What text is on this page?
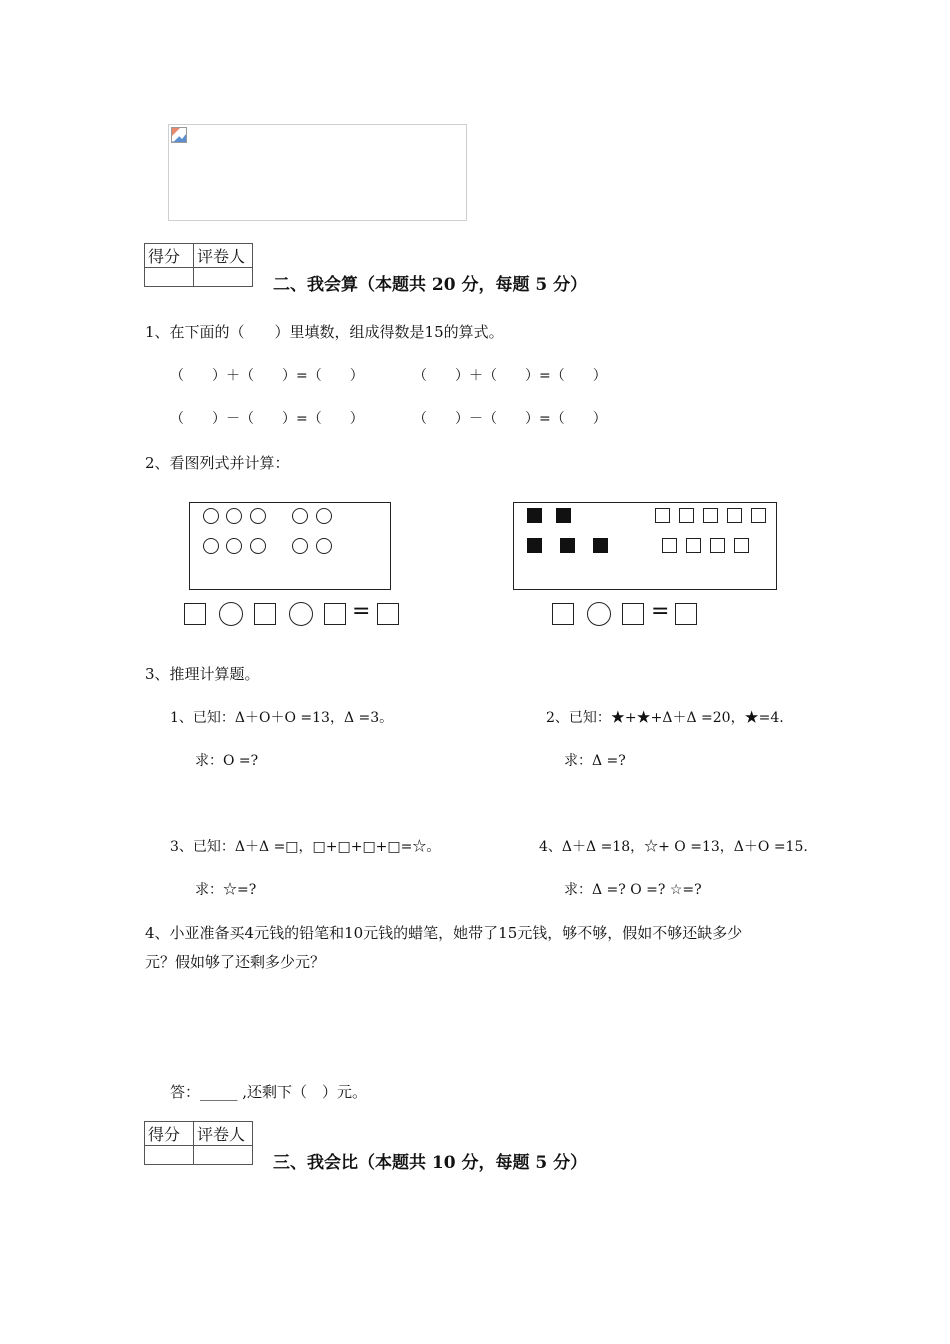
得分	评卷人

二、我会算（本题共 20 分，每题 5 分）
1、在下面的（　　）里填数，组成得数是15的算式。
（　　）＋（　　）=（　　）	（　　）＋（　　）=（　　）
（　　）－（　　）=（　　）	（　　）－（　　）=（　　）
2、看图列式并计算：
=	=
3、推理计算题。
1、已知：Δ＋O＋O =13，Δ =3。
求：O =?
2、已知：★+★+Δ＋Δ =20，★=4.
求：Δ =?
3、已知：Δ＋Δ =□，□+□+□+□=☆。
求：☆=?
4、Δ＋Δ =18，☆+ O =13，Δ＋O =15.
求：Δ =? O =? ☆=?
4、小亚准备买4元钱的铅笔和10元钱的蜡笔，她带了15元钱，够不够，假如不够还缺多少
元？假如够了还剩多少元？
答：_____ ,还剩下（　）元。
得分	评卷人

三、我会比（本题共 10 分，每题 5 分）
